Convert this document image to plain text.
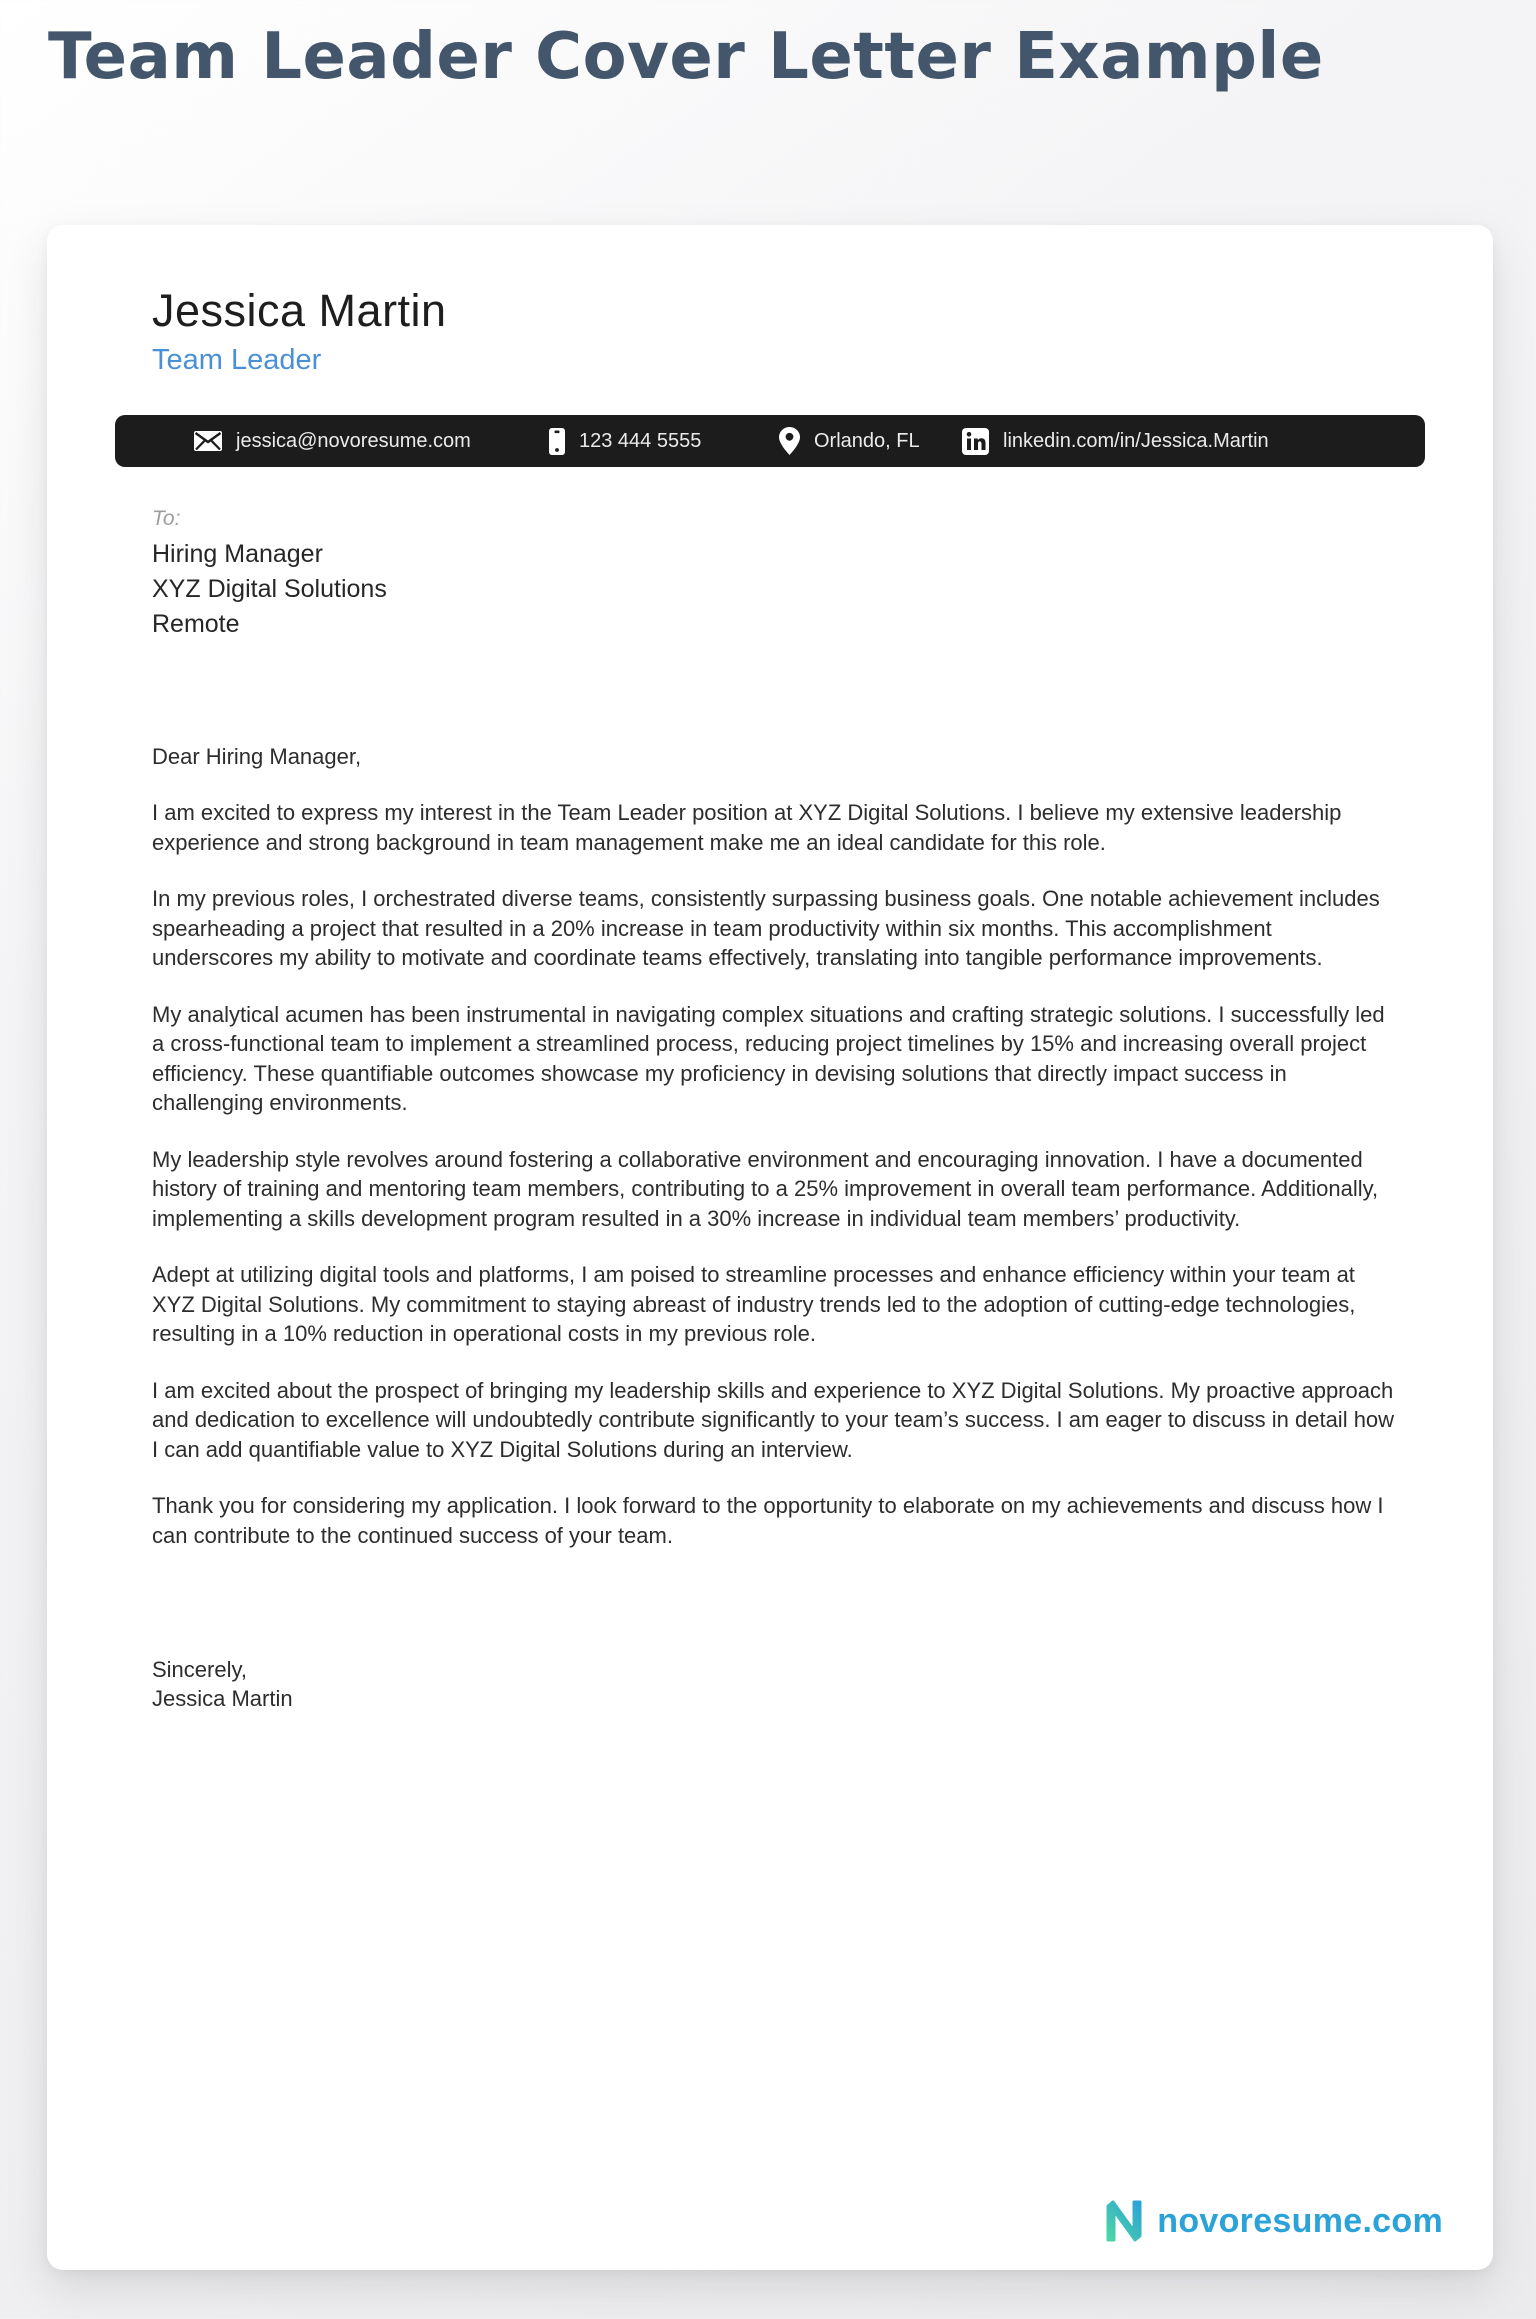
Team Leader Cover Letter Example
Jessica Martin
Team Leader
jessica@novoresume.com	123 444 5555	Orlando, FL	linkedin.com/in/Jessica.Martin
To:
Hiring Manager
XYZ Digital Solutions
Remote

Dear Hiring Manager,

I am excited to express my interest in the Team Leader position at XYZ Digital Solutions. I believe my extensive leadership experience and strong background in team management make me an ideal candidate for this role.

In my previous roles, I orchestrated diverse teams, consistently surpassing business goals. One notable achievement includes spearheading a project that resulted in a 20% increase in team productivity within six months. This accomplishment underscores my ability to motivate and coordinate teams effectively, translating into tangible performance improvements.

My analytical acumen has been instrumental in navigating complex situations and crafting strategic solutions. I successfully led a cross-functional team to implement a streamlined process, reducing project timelines by 15% and increasing overall project efficiency. These quantifiable outcomes showcase my proficiency in devising solutions that directly impact success in challenging environments.

My leadership style revolves around fostering a collaborative environment and encouraging innovation. I have a documented history of training and mentoring team members, contributing to a 25% improvement in overall team performance. Additionally, implementing a skills development program resulted in a 30% increase in individual team members’ productivity.

Adept at utilizing digital tools and platforms, I am poised to streamline processes and enhance efficiency within your team at XYZ Digital Solutions. My commitment to staying abreast of industry trends led to the adoption of cutting-edge technologies, resulting in a 10% reduction in operational costs in my previous role.

I am excited about the prospect of bringing my leadership skills and experience to XYZ Digital Solutions. My proactive approach and dedication to excellence will undoubtedly contribute significantly to your team’s success. I am eager to discuss in detail how I can add quantifiable value to XYZ Digital Solutions during an interview.

Thank you for considering my application. I look forward to the opportunity to elaborate on my achievements and discuss how I can contribute to the continued success of your team.

Sincerely,
Jessica Martin
novoresume.com
